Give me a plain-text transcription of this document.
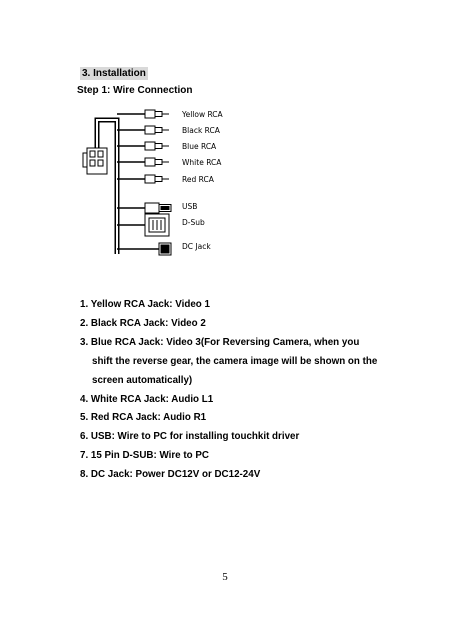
3. Installation
Step 1: Wire Connection
Yellow RCA
Black RCA
Blue RCA
White RCA
Red RCA
USB
D-Sub
DC Jack
1. Yellow RCA Jack: Video 1
2. Black RCA Jack: Video 2
3. Blue RCA Jack: Video 3(For Reversing Camera, when you
shift the reverse gear, the camera image will be shown on the
screen automatically)
4. White RCA Jack: Audio L1
5. Red RCA Jack: Audio R1
6. USB: Wire to PC for installing touchkit driver
7. 15 Pin D-SUB: Wire to PC
8. DC Jack: Power DC12V or DC12-24V
5
